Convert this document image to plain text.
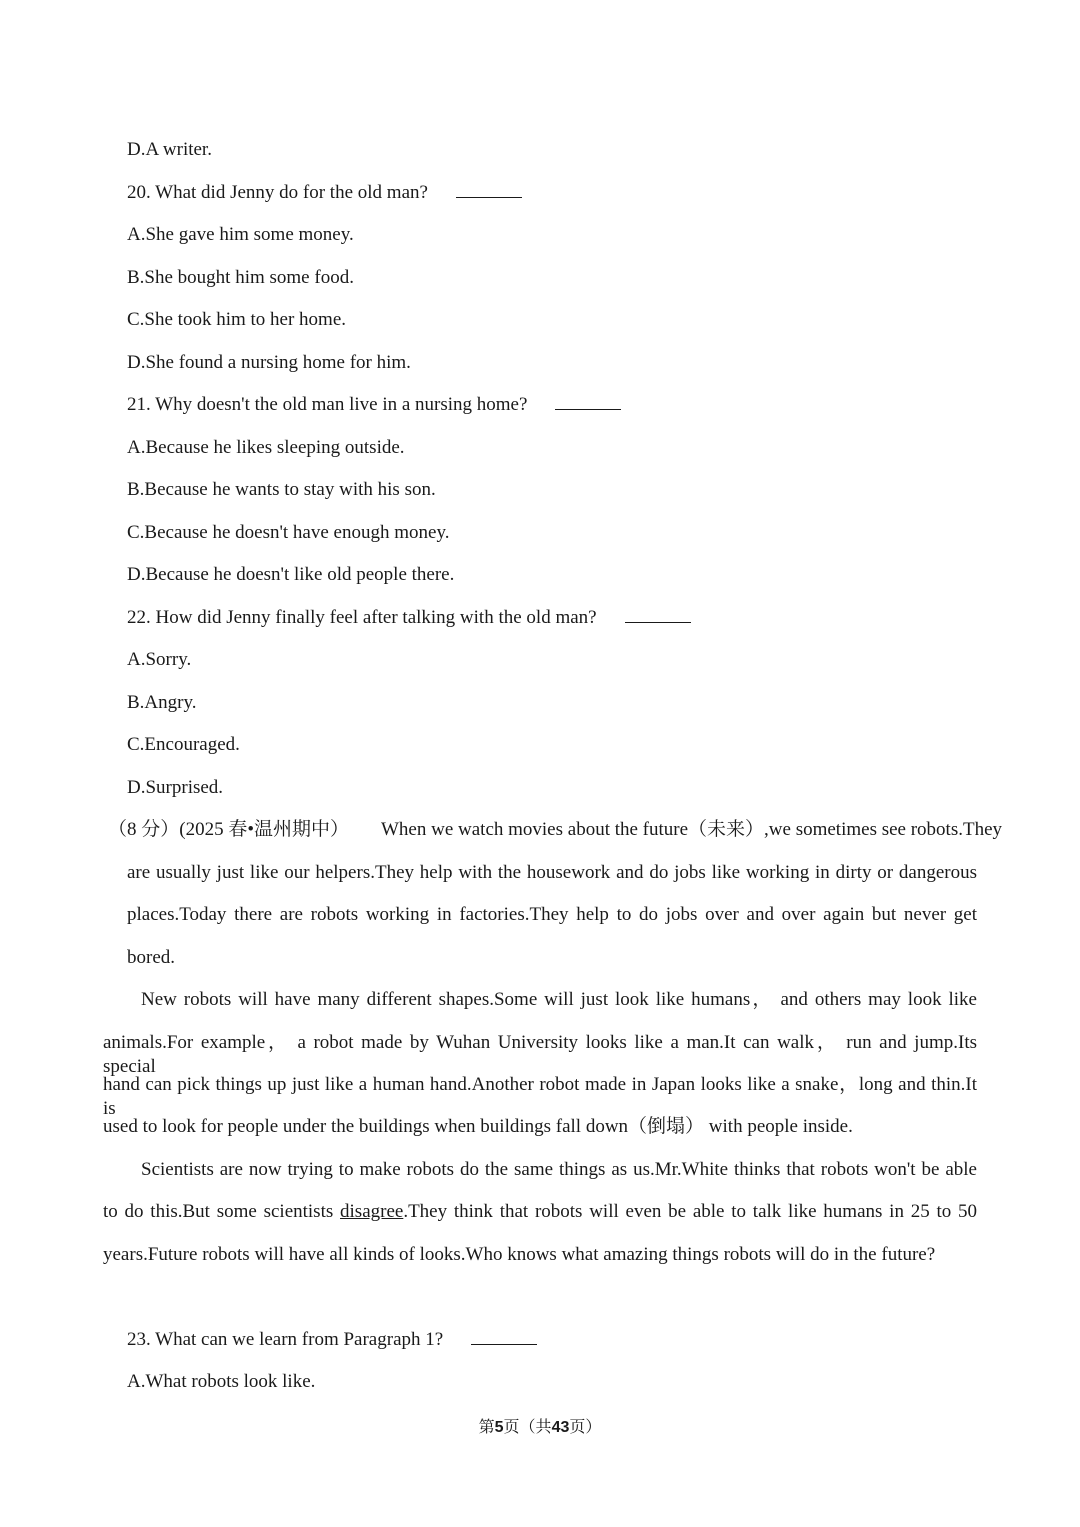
D.A writer.
20. What did Jenny do for the old man?
A.She gave him some money.
B.She bought him some food.
C.She took him to her home.
D.She found a nursing home for him.
21. Why doesn't the old man live in a nursing home?
A.Because he likes sleeping outside.
B.Because he wants to stay with his son.
C.Because he doesn't have enough money.
D.Because he doesn't like old people there.
22. How did Jenny finally feel after talking with the old man?
A.Sorry.
B.Angry.
C.Encouraged.
D.Surprised.
（8 分）(2025 春•温州期中） When we watch movies about the future（未来）,we sometimes see robots.They
are usually just like our helpers.They help with the housework and do jobs like working in dirty or dangerous
places.Today there are robots working in factories.They help to do jobs over and over again but never get
bored.
New robots will have many different shapes.Some will just look like humans， and others may look like
animals.For example， a robot made by Wuhan University looks like a man.It can walk， run and jump.Its special
hand can pick things up just like a human hand.Another robot made in Japan looks like a snake，long and thin.It is
used to look for people under the buildings when buildings fall down（倒塌） with people inside.
Scientists are now trying to make robots do the same things as us.Mr.White thinks that robots won't be able
to do this.But some scientists disagree.They think that robots will even be able to talk like humans in 25 to 50
years.Future robots will have all kinds of looks.Who knows what amazing things robots will do in the future?
23. What can we learn from Paragraph 1?
A.What robots look like.
第5页（共43页）
